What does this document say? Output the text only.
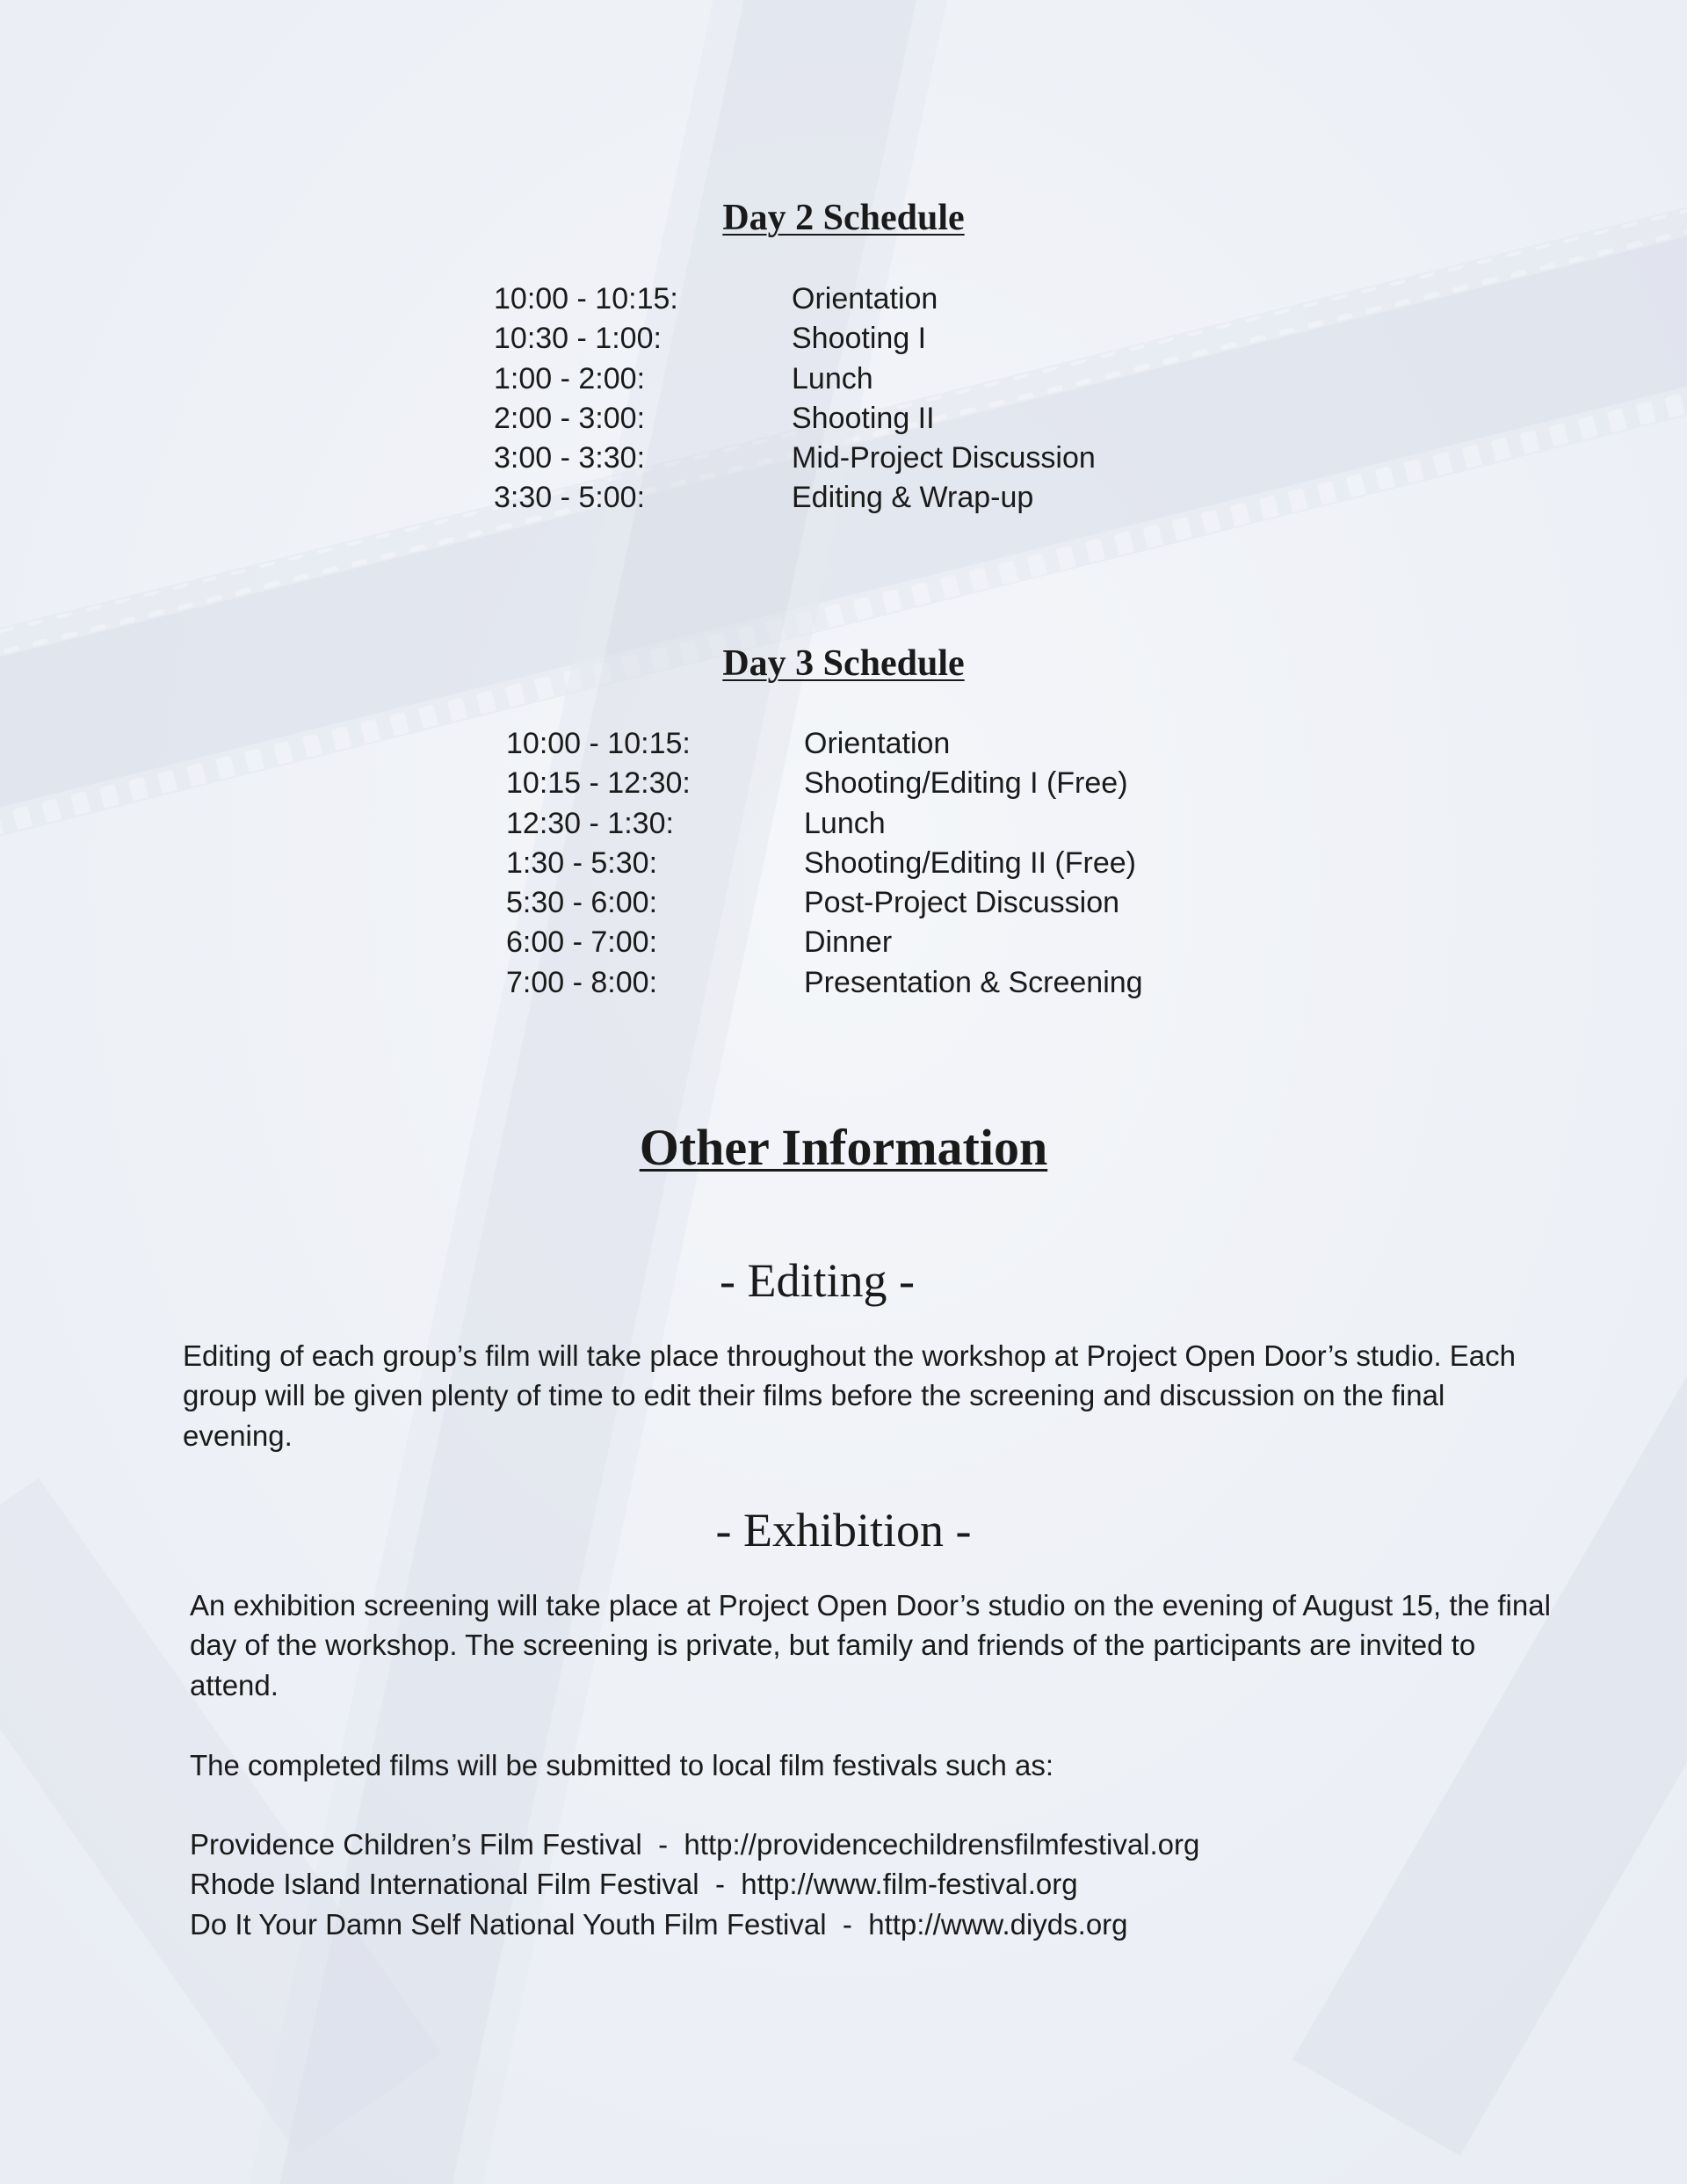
Day 2 Schedule
10:00 - 10:15:	Orientation
10:30 - 1:00:	Shooting I
1:00 - 2:00:	Lunch
2:00 - 3:00:	Shooting II
3:00 - 3:30:	Mid-Project Discussion
3:30 - 5:00:	Editing & Wrap-up
Day 3 Schedule
10:00 - 10:15:	Orientation
10:15 - 12:30:	Shooting/Editing I (Free)
12:30 - 1:30:	Lunch
1:30 - 5:30:	Shooting/Editing II (Free)
5:30 - 6:00:	Post-Project Discussion
6:00 - 7:00:	Dinner
7:00 - 8:00:	Presentation & Screening
Other Information
- Editing -

Editing of each group’s film will take place throughout the workshop at Project Open Door’s studio. Each group will be given plenty of time to edit their films before the screening and discussion on the final evening.

- Exhibition -

An exhibition screening will take place at Project Open Door’s studio on the evening of August 15, the final day of the workshop. The screening is private, but family and friends of the participants are invited to attend.

The completed films will be submitted to local film festivals such as:

Providence Children’s Film Festival  -  http://providencechildrensfilmfestival.org
Rhode Island International Film Festival  -  http://www.film-festival.org
Do It Your Damn Self National Youth Film Festival  -  http://www.diyds.org
